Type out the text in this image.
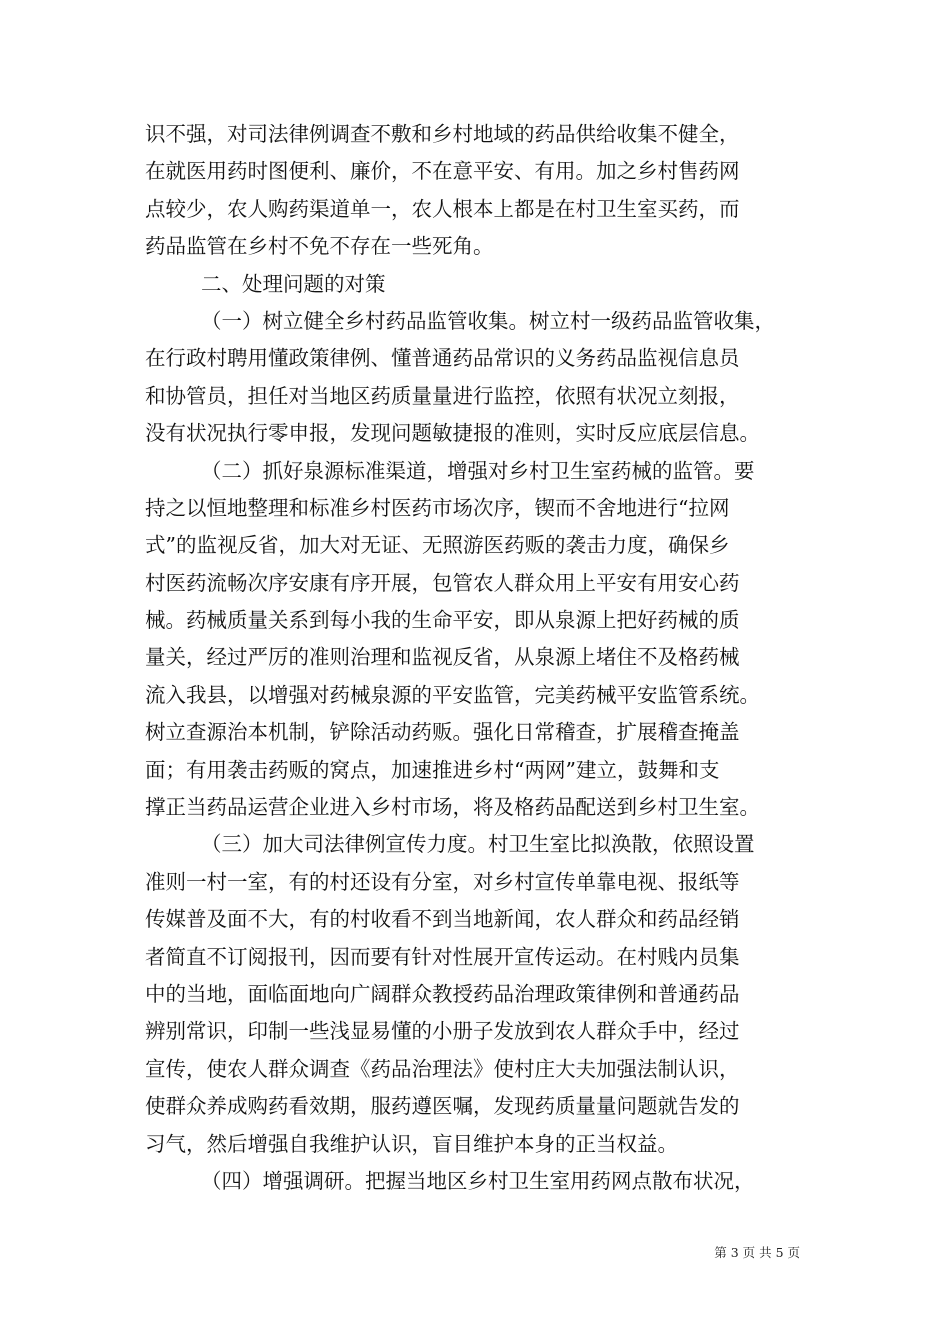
识不强，对司法律例调查不敷和乡村地域的药品供给收集不健全，
在就医用药时图便利、廉价，不在意平安、有用。加之乡村售药网
点较少，农人购药渠道单一，农人根本上都是在村卫生室买药，而
药品监管在乡村不免不存在一些死角。
二、处理问题的对策
（一）树立健全乡村药品监管收集。树立村一级药品监管收集，
在行政村聘用懂政策律例、懂普通药品常识的义务药品监视信息员
和协管员，担任对当地区药质量量进行监控，依照有状况立刻报，
没有状况执行零申报，发现问题敏捷报的准则，实时反应底层信息。
（二）抓好泉源标准渠道，增强对乡村卫生室药械的监管。要
持之以恒地整理和标准乡村医药市场次序，锲而不舍地进行“拉网
式”的监视反省，加大对无证、无照游医药贩的袭击力度，确保乡
村医药流畅次序安康有序开展，包管农人群众用上平安有用安心药
械。药械质量关系到每小我的生命平安，即从泉源上把好药械的质
量关，经过严厉的准则治理和监视反省，从泉源上堵住不及格药械
流入我县，以增强对药械泉源的平安监管，完美药械平安监管系统。
树立查源治本机制，铲除活动药贩。强化日常稽查，扩展稽查掩盖
面；有用袭击药贩的窝点，加速推进乡村“两网”建立，鼓舞和支
撑正当药品运营企业进入乡村市场，将及格药品配送到乡村卫生室。
（三）加大司法律例宣传力度。村卫生室比拟涣散，依照设置
准则一村一室，有的村还设有分室，对乡村宣传单靠电视、报纸等
传媒普及面不大，有的村收看不到当地新闻，农人群众和药品经销
者简直不订阅报刊，因而要有针对性展开宣传运动。在村贱内员集
中的当地，面临面地向广阔群众教授药品治理政策律例和普通药品
辨别常识，印制一些浅显易懂的小册子发放到农人群众手中，经过
宣传，使农人群众调查《药品治理法》使村庄大夫加强法制认识，
使群众养成购药看效期，服药遵医嘱，发现药质量量问题就告发的
习气，然后增强自我维护认识，盲目维护本身的正当权益。
（四）增强调研。把握当地区乡村卫生室用药网点散布状况，
第 3 页 共 5 页
